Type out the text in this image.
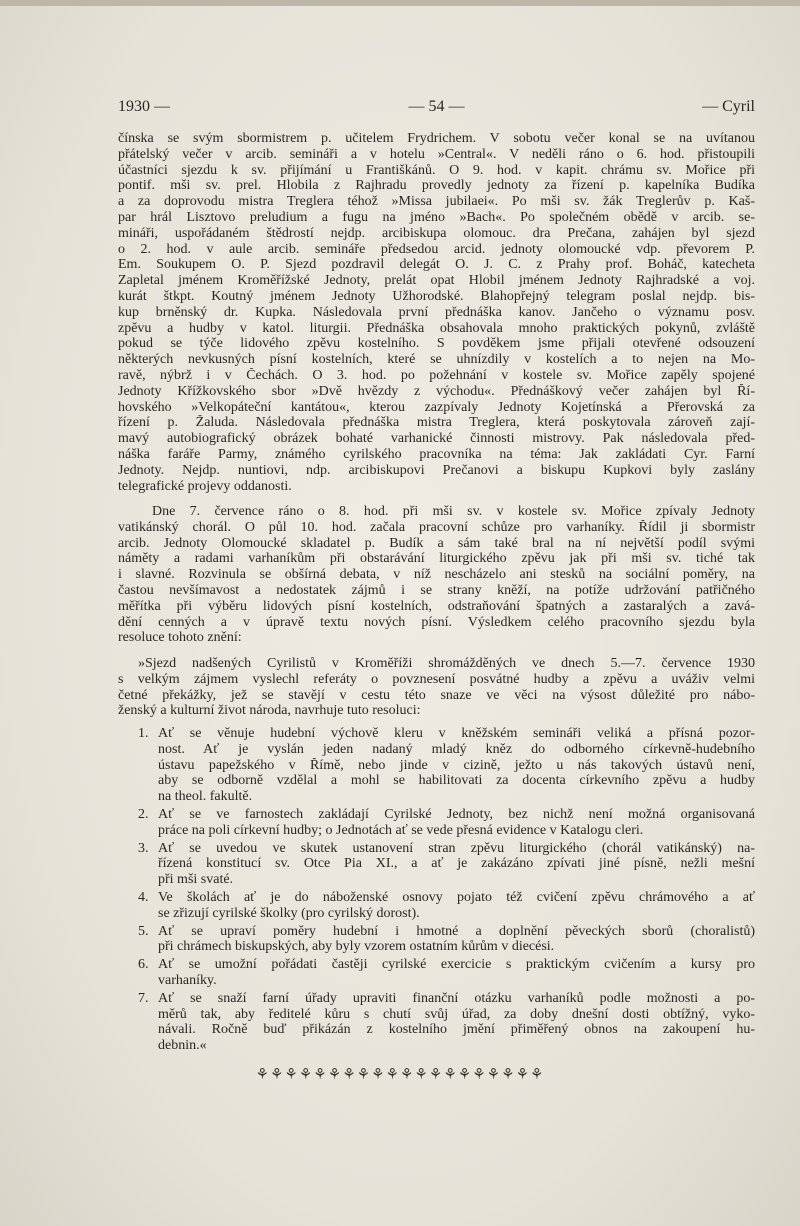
1930 —	— 54 —	— Cyril
čínska se svým sbormistrem p. učitelem Frydrichem. V sobotu večer konal se na uvítanou
přátelský večer v arcib. semináři a v hotelu »Central«. V neděli ráno o 6. hod. přistoupili
účastníci sjezdu k sv. přijímání u Františkánů. O 9. hod. v kapit. chrámu sv. Mořice při
pontif. mši sv. prel. Hlobila z Rajhradu provedly jednoty za řízení p. kapelníka Budíka
a za doprovodu mistra Treglera téhož »Missa jubilaei«. Po mši sv. žák Treglerův p. Kaš-
par hrál Lisztovo preludium a fugu na jméno »Bach«. Po společném obědě v arcib. se-
mináři, uspořádaném štědrostí nejdp. arcibiskupa olomouc. dra Prečana, zahájen byl sjezd
o 2. hod. v aule arcib. semináře předsedou arcid. jednoty olomoucké vdp. převorem P.
Em. Soukupem O. P. Sjezd pozdravil delegát O. J. C. z Prahy prof. Boháč, katecheta
Zapletal jménem Kroměřížské Jednoty, prelát opat Hlobil jménem Jednoty Rajhradské a voj.
kurát štkpt. Koutný jménem Jednoty Užhorodské. Blahopřejný telegram poslal nejdp. bis-
kup brněnský dr. Kupka. Následovala první přednáška kanov. Jančeho o významu posv.
zpěvu a hudby v katol. liturgii. Přednáška obsahovala mnoho praktických pokynů, zvláště
pokud se týče lidového zpěvu kostelního. S povděkem jsme přijali otevřené odsouzení
některých nevkusných písní kostelních, které se uhnízdily v kostelích a to nejen na Mo-
ravě, nýbrž i v Čechách. O 3. hod. po požehnání v kostele sv. Mořice zapěly spojené
Jednoty Křížkovského sbor »Dvě hvězdy z východu«. Přednáškový večer zahájen byl Ří-
hovského »Velkopáteční kantátou«, kterou zazpívaly Jednoty Kojetínská a Přerovská za
řízení p. Žaluda. Následovala přednáška mistra Treglera, která poskytovala zároveň zají-
mavý autobiografický obrázek bohaté varhanické činnosti mistrovy. Pak následovala před-
náška faráře Parmy, známého cyrilského pracovníka na téma: Jak zakládati Cyr. Farní
Jednoty. Nejdp. nuntiovi, ndp. arcibiskupovi Prečanovi a biskupu Kupkovi byly zaslány
telegrafické projevy oddanosti.
Dne 7. července ráno o 8. hod. při mši sv. v kostele sv. Mořice zpívaly Jednoty
vatikánský chorál. O půl 10. hod. začala pracovní schůze pro varhaníky. Řídil ji sbormistr
arcib. Jednoty Olomoucké skladatel p. Budík a sám také bral na ní největší podíl svými
náměty a radami varhaníkům při obstarávání liturgického zpěvu jak při mši sv. tiché tak
i slavné. Rozvinula se obšírná debata, v níž nescházelo ani stesků na sociální poměry, na
častou nevšímavost a nedostatek zájmů i se strany kněží, na potíže udržování patřičného
měřítka při výběru lidových písní kostelních, odstraňování špatných a zastaralých a zavá-
dění cenných a v úpravě textu nových písní. Výsledkem celého pracovního sjezdu byla
resoluce tohoto znění:
»Sjezd nadšených Cyrilistů v Kroměříži shromážděných ve dnech 5.—7. července 1930
s velkým zájmem vyslechl referáty o povznesení posvátné hudby a zpěvu a uváživ velmi
četné překážky, jež se stavějí v cestu této snaze ve věci na výsost důležité pro nábo-
ženský a kulturní život národa, navrhuje tuto resoluci:
1. Ať se věnuje hudební výchově kleru v kněžském semináři veliká a přísná pozor-
nost. Ať je vyslán jeden nadaný mladý kněz do odborného církevně-hudebního
ústavu papežského v Římě, nebo jinde v cizině, ježto u nás takových ústavů není,
aby se odborně vzdělal a mohl se habilitovati za docenta církevního zpěvu a hudby
na theol. fakultě.
2. Ať se ve farnostech zakládají Cyrilské Jednoty, bez nichž není možná organisovaná
práce na poli církevní hudby; o Jednotách ať se vede přesná evidence v Katalogu cleri.
3. Ať se uvedou ve skutek ustanovení stran zpěvu liturgického (chorál vatikánský) na-
řízená konstitucí sv. Otce Pia XI., a ať je zakázáno zpívati jiné písně, nežli mešní
při mši svaté.
4. Ve školách ať je do náboženské osnovy pojato též cvičení zpěvu chrámového a ať
se zřizují cyrilské školky (pro cyrilský dorost).
5. Ať se upraví poměry hudební i hmotné a doplnění pěveckých sborů (choralistů)
při chrámech biskupských, aby byly vzorem ostatním kůrům v diecési.
6. Ať se umožní pořádati častěji cyrilské exercicie s praktickým cvičením a kursy pro
varhaníky.
7. Ať se snaží farní úřady upraviti finanční otázku varhaníků podle možnosti a po-
měrů tak, aby ředitelé kůru s chutí svůj úřad, za doby dnešní dosti obtížný, vyko-
návali. Ročně buď přikázán z kostelního jmění přiměřený obnos na zakoupení hu-
debnin.«
⚘⚘⚘⚘⚘⚘⚘⚘⚘⚘⚘⚘⚘⚘⚘⚘⚘⚘⚘⚘
